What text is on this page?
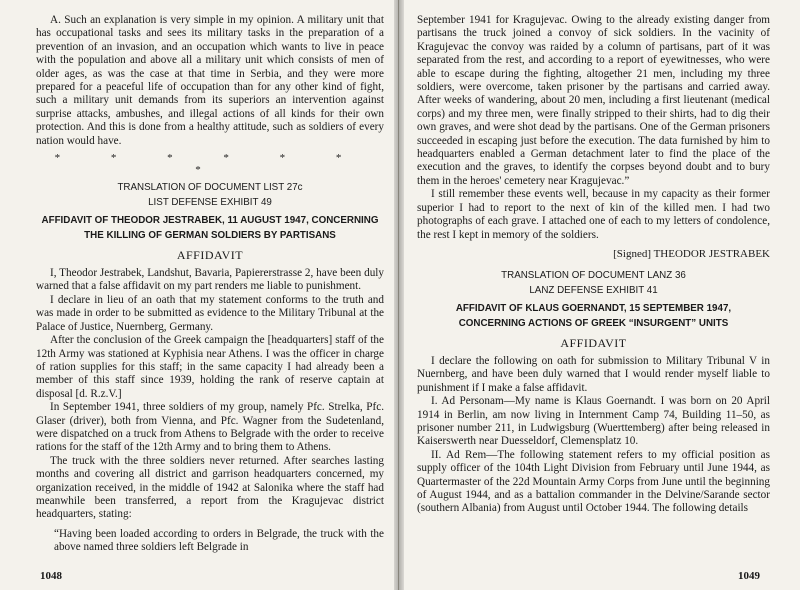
A. Such an explanation is very simple in my opinion. A military unit that has occupational tasks and sees its military tasks in the preparation of a prevention of an invasion, and an occupation which wants to live in peace with the population and above all a military unit which consists of men of older ages, as was the case at that time in Serbia, and they were more prepared for a peaceful life of occupation than for any other kind of fight, such a military unit demands from its superiors an intervention against surprise attacks, ambushes, and illegal actions of all kinds for their own protection. And this is done from a healthy attitude, such as soldiers of every nation would have.

* * * * * * *
TRANSLATION OF DOCUMENT LIST 27c
LIST DEFENSE EXHIBIT 49
AFFIDAVIT OF THEODOR JESTRABEK, 11 AUGUST 1947, CONCERNING
THE KILLING OF GERMAN SOLDIERS BY PARTISANS
AFFIDAVIT

I, Theodor Jestrabek, Landshut, Bavaria, Papiererstrasse 2, have been duly warned that a false affidavit on my part renders me liable to punishment.

I declare in lieu of an oath that my statement conforms to the truth and was made in order to be submitted as evidence to the Military Tribunal at the Palace of Justice, Nuernberg, Germany.

After the conclusion of the Greek campaign the [headquarters] staff of the 12th Army was stationed at Kyphisia near Athens. I was the officer in charge of ration supplies for this staff; in the same capacity I had already been a member of this staff since 1939, holding the rank of reserve captain at disposal [d. R.z.V.]

In September 1941, three soldiers of my group, namely Pfc. Strelka, Pfc. Glaser (driver), both from Vienna, and Pfc. Wagner from the Sudetenland, were dispatched on a truck from Athens to Belgrade with the order to receive rations for the staff of the 12th Army and to bring them to Athens.

The truck with the three soldiers never returned. After searches lasting months and covering all district and garrison headquarters concerned, my organization received, in the middle of 1942 at Salonika where the staff had meanwhile been transferred, a report from the Kragujevac district headquarters, stating:

“Having been loaded according to orders in Belgrade, the truck with the above named three soldiers left Belgrade in

1048

September 1941 for Kragujevac. Owing to the already existing danger from partisans the truck joined a convoy of sick soldiers. In the vacinity of Kragujevac the convoy was raided by a column of partisans, part of it was separated from the rest, and according to a report of eyewitnesses, who were able to escape during the fighting, altogether 21 men, including my three soldiers, were overcome, taken prisoner by the partisans and carried away. After weeks of wandering, about 20 men, including a first lieutenant (medical corps) and my three men, were finally stripped to their shirts, had to dig their own graves, and were shot dead by the partisans. One of the German prisoners succeeded in escaping just before the execution. The data furnished by him to headquarters enabled a German detachment later to find the place of the execution and the graves, to identify the corpses beyond doubt and to bury them in the heroes' cemetery near Kragujevac.”

I still remember these events well, because in my capacity as their former superior I had to report to the next of kin of the killed men. I had two photographs of each grave. I attached one of each to my letters of condolence, the rest I kept in memory of the soldiers.

[Signed] THEODOR JESTRABEK
TRANSLATION OF DOCUMENT LANZ 36
LANZ DEFENSE EXHIBIT 41
AFFIDAVIT OF KLAUS GOERNANDT, 15 SEPTEMBER 1947,
CONCERNING ACTIONS OF GREEK “INSURGENT” UNITS
AFFIDAVIT

I declare the following on oath for submission to Military Tribunal V in Nuernberg, and have been duly warned that I would render myself liable to punishment if I make a false affidavit.

I. Ad Personam—My name is Klaus Goernandt. I was born on 20 April 1914 in Berlin, am now living in Internment Camp 74, Building 11–50, as prisoner number 211, in Ludwigsburg (Wuerttemberg) after being released in Kaiserswerth near Duesseldorf, Clemensplatz 10.

II. Ad Rem—The following statement refers to my official position as supply officer of the 104th Light Division from February until June 1944, as Quartermaster of the 22d Mountain Army Corps from June until the beginning of August 1944, and as a battalion commander in the Delvine/Sarande sector (southern Albania) from August until October 1944. The following details

1049
